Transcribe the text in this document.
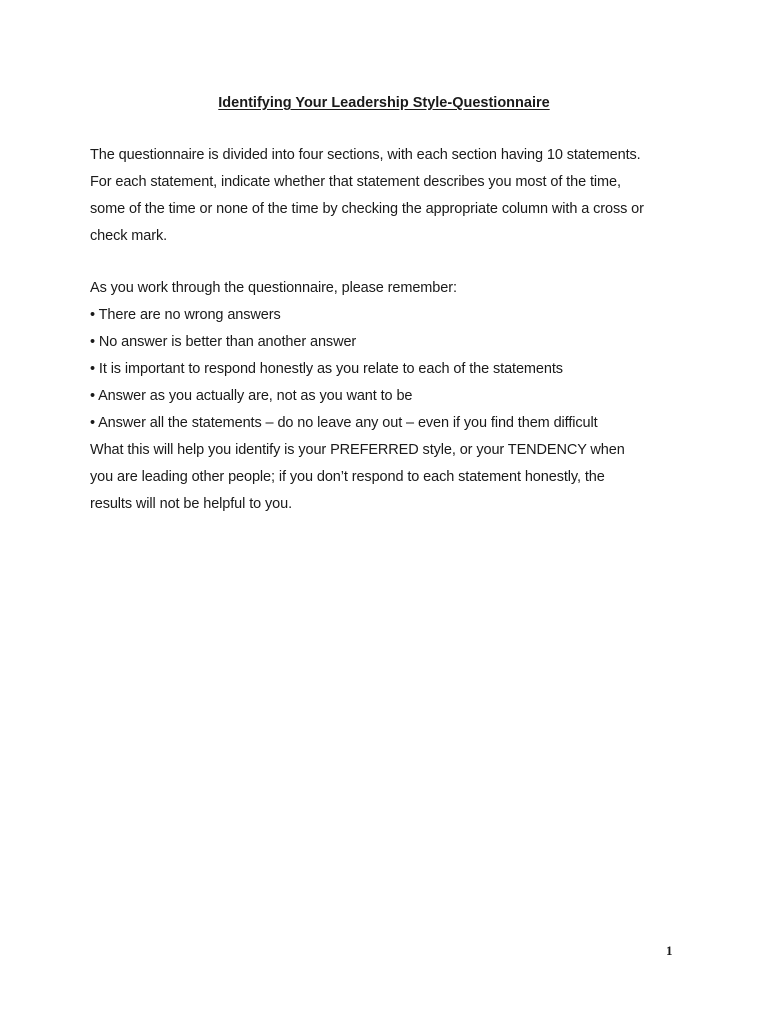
Identifying Your Leadership Style-Questionnaire
The questionnaire is divided into four sections, with each section having 10 statements.
For each statement, indicate whether that statement describes you most of the time,
some of the time or none of the time by checking the appropriate column with a cross or
check mark.
As you work through the questionnaire, please remember:
• There are no wrong answers
• No answer is better than another answer
• It is important to respond honestly as you relate to each of the statements
• Answer as you actually are, not as you want to be
• Answer all the statements – do no leave any out – even if you find them difficult
What this will help you identify is your PREFERRED style, or your TENDENCY when
you are leading other people; if you don’t respond to each statement honestly, the
results will not be helpful to you.
1
